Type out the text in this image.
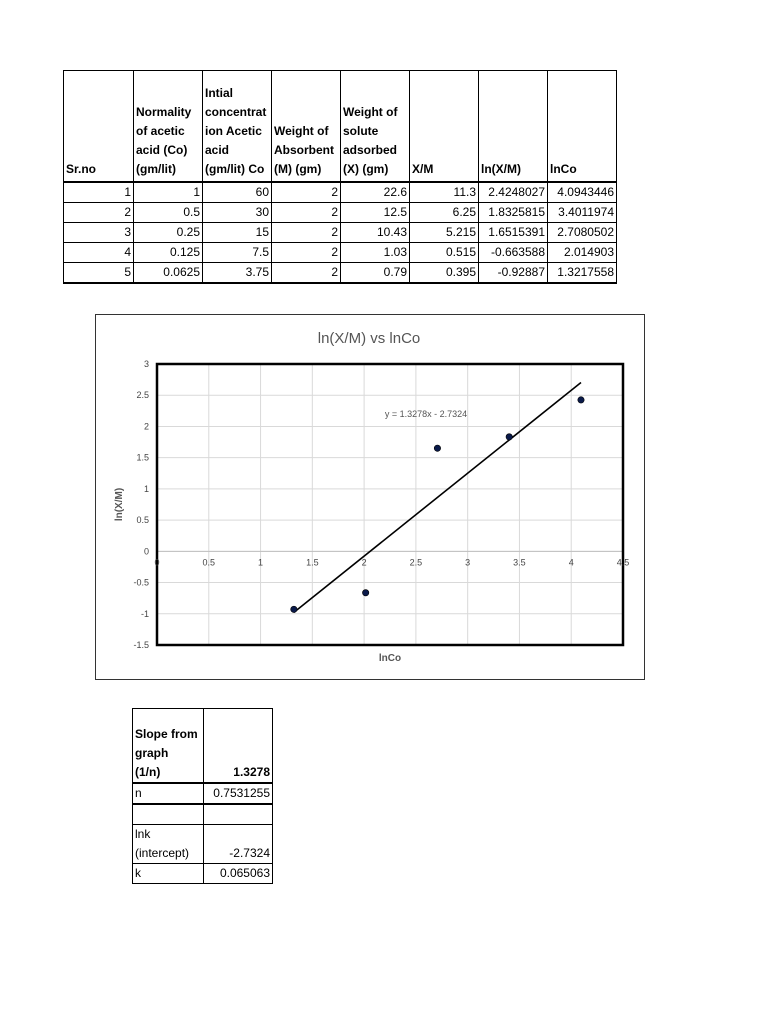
Sr.no	Normality
of acetic
acid (Co)
(gm/lit)	Intial
concentrat
ion Acetic
acid
(gm/lit) Co	Weight of
Absorbent
(M) (gm)	Weight of
solute
adsorbed
(X) (gm)	X/M	ln(X/M)	lnCo
1	1	60	2	22.6	11.3	2.4248027	4.0943446
2	0.5	30	2	12.5	6.25	1.8325815	3.4011974
3	0.25	15	2	10.43	5.215	1.6515391	2.7080502
4	0.125	7.5	2	1.03	0.515	-0.663588	2.014903
5	0.0625	3.75	2	0.79	0.395	-0.92887	1.3217558
ln(X/M) vs lnCo
0	0.5	1	1.5	2	2.5	3	3.5	4	4.5
-1.5
-1
-0.5
0
0.5
1
1.5
2
2.5
3
y = 1.3278x - 2.7324
lnCo
ln(X/M)
Slope from
graph
(1/n)	1.3278
n	0.7531255

lnk
(intercept)	-2.7324
k	0.065063
